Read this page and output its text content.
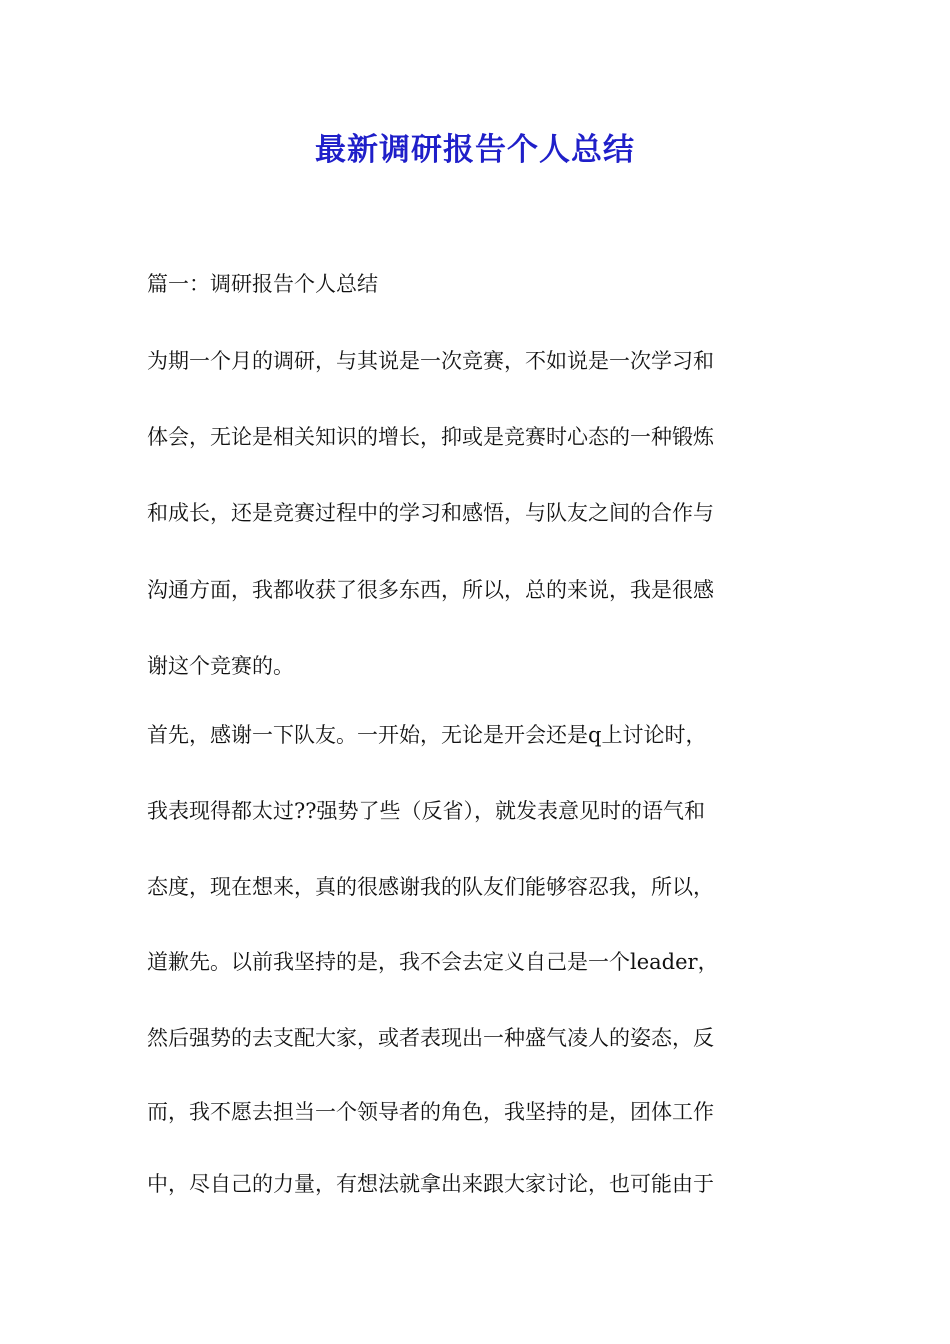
最新调研报告个人总结

篇一：调研报告个人总结

为期一个月的调研，与其说是一次竞赛，不如说是一次学习和

体会，无论是相关知识的增长，抑或是竞赛时心态的一种锻炼

和成长，还是竞赛过程中的学习和感悟，与队友之间的合作与

沟通方面，我都收获了很多东西，所以，总的来说，我是很感

谢这个竞赛的。

首先，感谢一下队友。一开始，无论是开会还是q上讨论时，

我表现得都太过??强势了些（反省），就发表意见时的语气和

态度，现在想来，真的很感谢我的队友们能够容忍我，所以，

道歉先。以前我坚持的是，我不会去定义自己是一个leader，

然后强势的去支配大家，或者表现出一种盛气凌人的姿态，反

而，我不愿去担当一个领导者的角色，我坚持的是，团体工作

中，尽自己的力量，有想法就拿出来跟大家讨论，也可能由于
